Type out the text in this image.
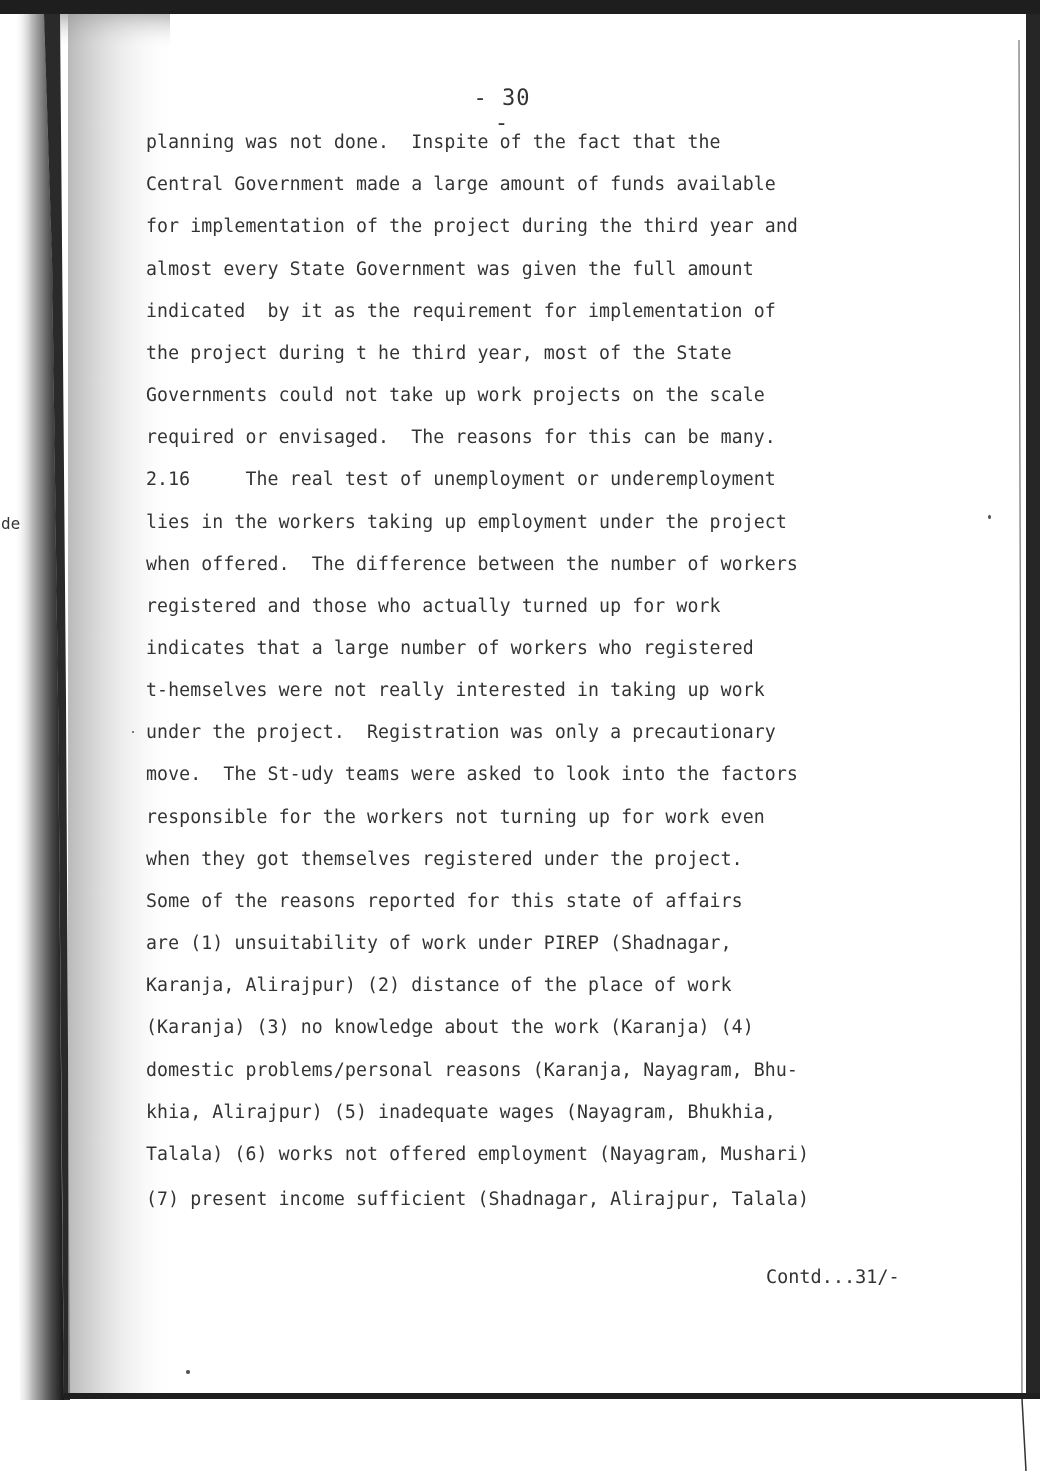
- 30 -
de
planning was not done.  Inspite of the fact that the
Central Government made a large amount of funds available
for implementation of the project during the third year and
almost every State Government was given the full amount
indicated  by it as the requirement for implementation of
the project during t he third year, most of the State
Governments could not take up work projects on the scale
required or envisaged.  The reasons for this can be many.
2.16     The real test of unemployment or underemployment
lies in the workers taking up employment under the project
when offered.  The difference between the number of workers
registered and those who actually turned up for work
indicates that a large number of workers who registered
t-hemselves were not really interested in taking up work
under the project.  Registration was only a precautionary
move.  The St-udy teams were asked to look into the factors
responsible for the workers not turning up for work even
when they got themselves registered under the project.
Some of the reasons reported for this state of affairs
are (1) unsuitability of work under PIREP (Shadnagar,
Karanja, Alirajpur) (2) distance of the place of work
(Karanja) (3) no knowledge about the work (Karanja) (4)
domestic problems/personal reasons (Karanja, Nayagram, Bhu-
khia, Alirajpur) (5) inadequate wages (Nayagram, Bhukhia,
Talala) (6) works not offered employment (Nayagram, Mushari)
(7) present income sufficient (Shadnagar, Alirajpur, Talala)
Contd...31/-
